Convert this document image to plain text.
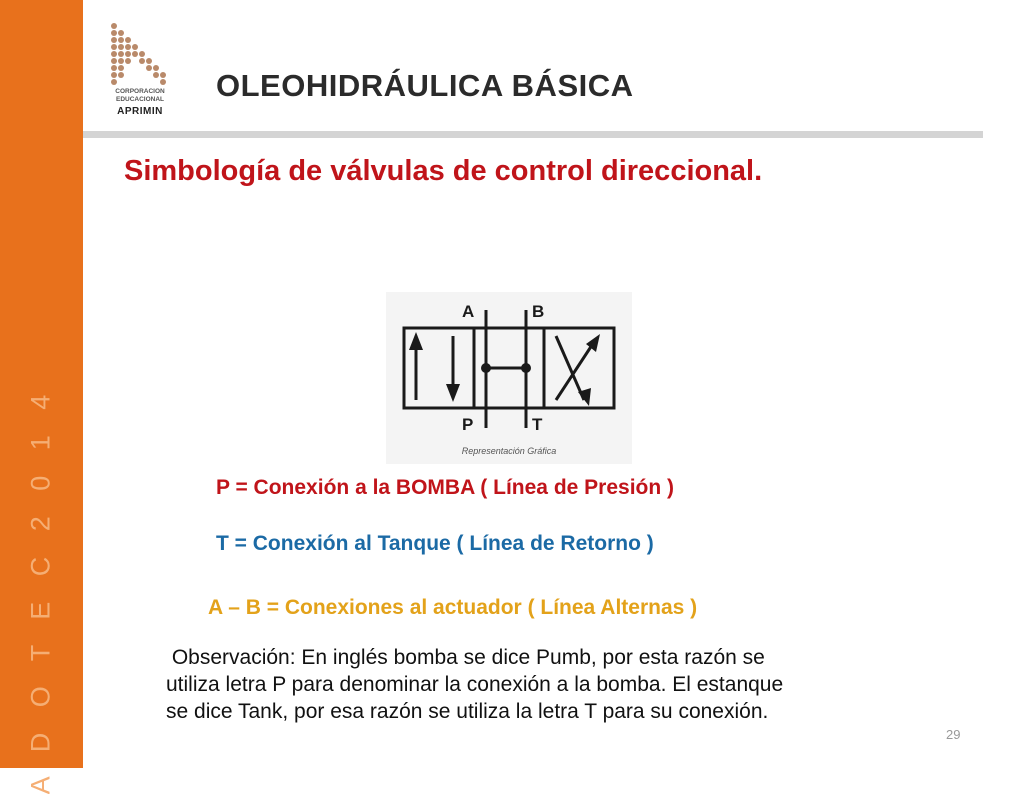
A D O T E C 2 0 1 4
CORPORACION
EDUCACIONAL
APRIMIN
OLEOHIDRÁULICA BÁSICA
Simbología de válvulas de control direccional.
A	B
P	T
Representación Gráfica
P = Conexión a la BOMBA ( Línea de Presión )
T = Conexión al Tanque ( Línea de Retorno )
A – B = Conexiones al actuador ( Línea Alternas )

Observación: En inglés bomba se dice Pumb, por esta razón se

utiliza letra P para denominar la conexión a la bomba. El estanque

se dice Tank, por esa razón se utiliza la letra T para su conexión.

29
